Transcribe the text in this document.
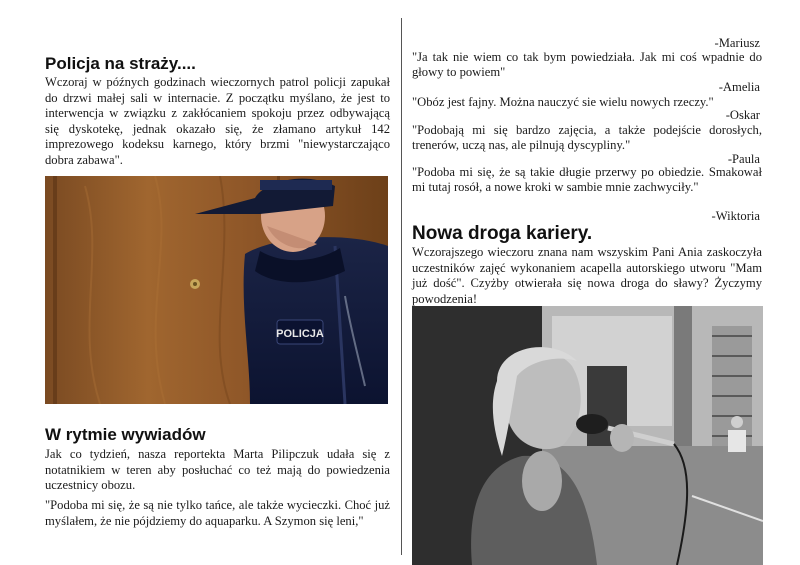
Policja na straży....

Wczoraj w późnych godzinach wieczornych patrol policji zapukał do drzwi małej sali w internacie. Z początku myślano, że jest to interwencja w związku z zakłócaniem spokoju przez odbywającą się dyskotekę, jednak okazało się, że złamano artykuł 142 imprezowego kodeksu karnego, który brzmi "niewystarczająco dobra zabawa".

W rytmie wywiadów

Jak co tydzień, nasza reportekta Marta Pilipczuk udała się z notatnikiem w teren aby posłuchać co też mają do powiedzenia uczestnicy obozu.

"Podoba mi się, że są nie tylko tańce, ale także wycieczki. Choć już myślałem, że nie pójdziemy do aquaparku. A Szymon się leni,"

POLICJA
-Mariusz

"Ja tak nie wiem co tak bym powiedziała. Jak mi coś wpadnie do głowy to powiem"

-Amelia

"Obóz jest fajny. Można nauczyć sie wielu nowych rzeczy."

-Oskar

"Podobają mi się bardzo zajęcia, a także podejście dorosłych, trenerów, uczą nas, ale pilnują dyscypliny."

-Paula

"Podoba mi się, że są takie długie przerwy po obiedzie. Smakował mi tutaj rosół, a nowe kroki w sambie mnie zachwyciły."

-Wiktoria
Nowa droga kariery.

Wczorajszego wieczoru znana nam wszyskim Pani Ania zaskoczyła uczestników zajęć wykonaniem acapella autorskiego utworu "Mam już dość". Czyżby otwierała się nowa droga do sławy? Życzymy powodzenia!
